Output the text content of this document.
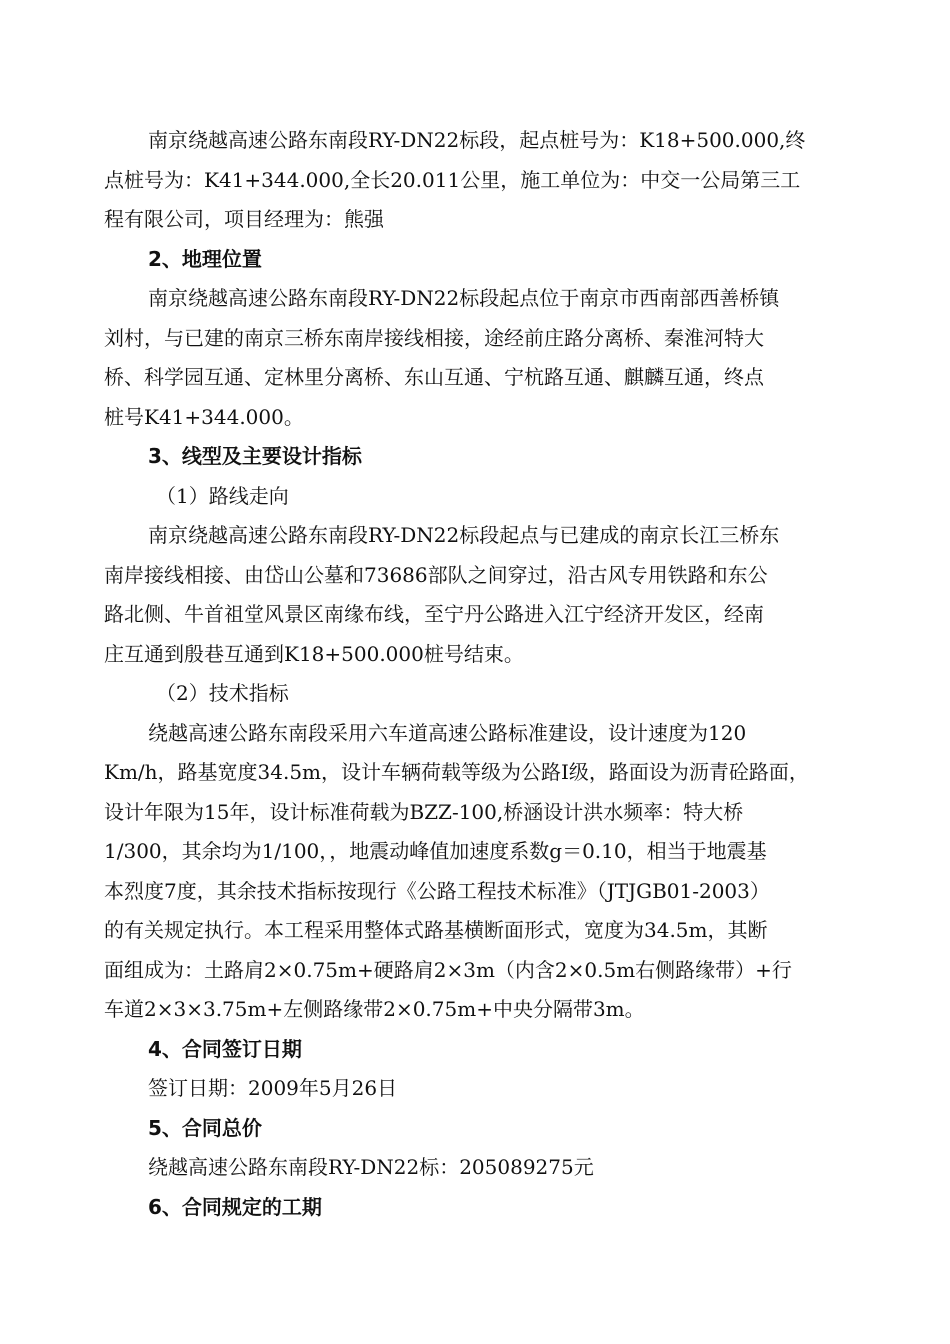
南京绕越高速公路东南段RY-DN22标段，起点桩号为：K18+500.000,终
点桩号为：K41+344.000,全长20.011公里，施工单位为：中交一公局第三工
程有限公司，项目经理为：熊强
2、地理位置
南京绕越高速公路东南段RY-DN22标段起点位于南京市西南部西善桥镇
刘村，与已建的南京三桥东南岸接线相接，途经前庄路分离桥、秦淮河特大
桥、科学园互通、定林里分离桥、东山互通、宁杭路互通、麒麟互通，终点
桩号K41+344.000。
3、线型及主要设计指标
（1）路线走向
南京绕越高速公路东南段RY-DN22标段起点与已建成的南京长江三桥东
南岸接线相接、由岱山公墓和73686部队之间穿过，沿古风专用铁路和东公
路北侧、牛首祖堂风景区南缘布线，至宁丹公路进入江宁经济开发区，经南
庄互通到殷巷互通到K18+500.000桩号结束。
（2）技术指标
绕越高速公路东南段采用六车道高速公路标准建设，设计速度为120
Km/h，路基宽度34.5m，设计车辆荷载等级为公路Ⅰ级，路面设为沥青砼路面，
设计年限为15年，设计标准荷载为BZZ-100,桥涵设计洪水频率：特大桥
1/300，其余均为1/100，，地震动峰值加速度系数g＝0.10，相当于地震基
本烈度7度，其余技术指标按现行《公路工程技术标准》（JTJGB01-2003）
的有关规定执行。本工程采用整体式路基横断面形式，宽度为34.5m，其断
面组成为：土路肩2×0.75m+硬路肩2×3m（内含2×0.5m右侧路缘带）+行
车道2×3×3.75m+左侧路缘带2×0.75m+中央分隔带3m。
4、合同签订日期
签订日期：2009年5月26日
5、合同总价
绕越高速公路东南段RY-DN22标：205089275元
6、合同规定的工期
